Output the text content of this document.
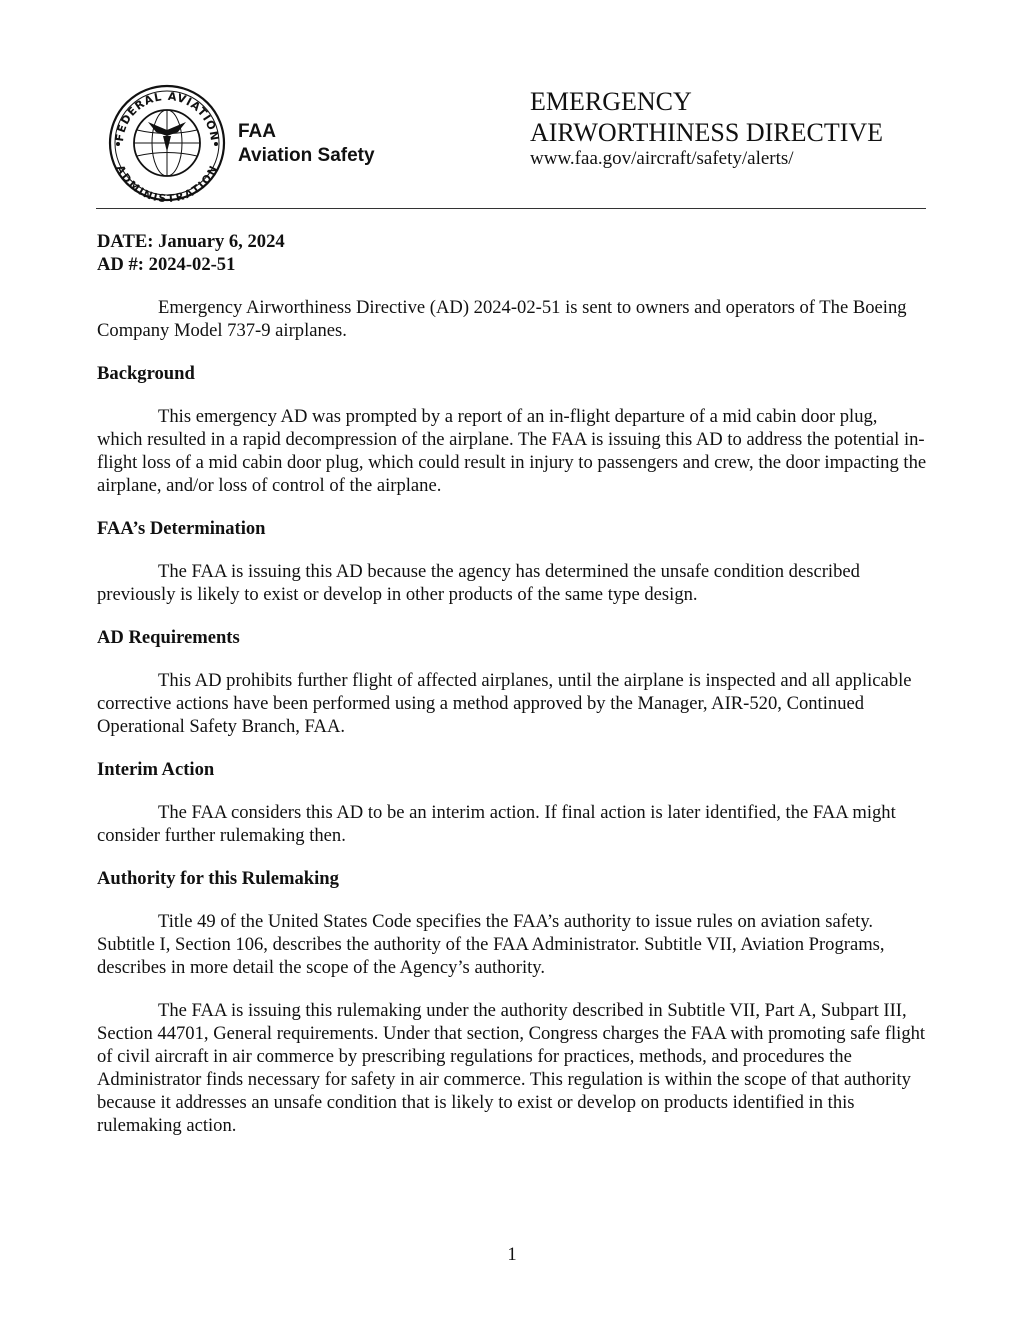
FEDERAL AVIATION
ADMINISTRATION
FAA
Aviation Safety
EMERGENCY
AIRWORTHINESS DIRECTIVE
www.faa.gov/aircraft/safety/alerts/

DATE: January 6, 2024

AD #: 2024-02-51

Emergency Airworthiness Directive (AD) 2024-02-51 is sent to owners and operators of The Boeing Company Model 737-9 airplanes.

Background

This emergency AD was prompted by a report of an in-flight departure of a mid cabin door plug, which resulted in a rapid decompression of the airplane. The FAA is issuing this AD to address the potential in-flight loss of a mid cabin door plug, which could result in injury to passengers and crew, the door impacting the airplane, and/or loss of control of the airplane.

FAA’s Determination

The FAA is issuing this AD because the agency has determined the unsafe condition described previously is likely to exist or develop in other products of the same type design.

AD Requirements

This AD prohibits further flight of affected airplanes, until the airplane is inspected and all applicable corrective actions have been performed using a method approved by the Manager, AIR-520, Continued Operational Safety Branch, FAA.

Interim Action

The FAA considers this AD to be an interim action. If final action is later identified, the FAA might consider further rulemaking then.

Authority for this Rulemaking

Title 49 of the United States Code specifies the FAA’s authority to issue rules on aviation safety. Subtitle I, Section 106, describes the authority of the FAA Administrator. Subtitle VII, Aviation Programs, describes in more detail the scope of the Agency’s authority.

The FAA is issuing this rulemaking under the authority described in Subtitle VII, Part A, Subpart III, Section 44701, General requirements. Under that section, Congress charges the FAA with promoting safe flight of civil aircraft in air commerce by prescribing regulations for practices, methods, and procedures the Administrator finds necessary for safety in air commerce. This regulation is within the scope of that authority because it addresses an unsafe condition that is likely to exist or develop on products identified in this rulemaking action.

1
